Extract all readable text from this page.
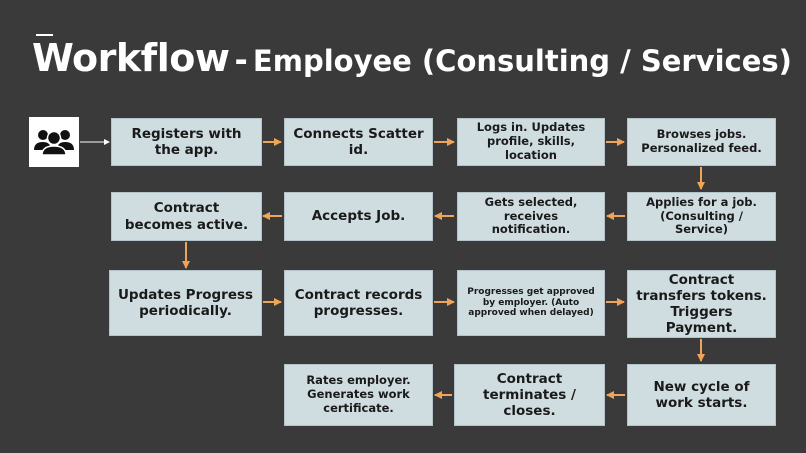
Workflow - Employee (Consulting / Services)
Registers with the app.
Connects Scatter id.
Logs in. Updates profile, skills, location
Browses jobs. Personalized feed.
Contract becomes active.
Accepts Job.
Gets selected, receives notification.
Applies for a job. (Consulting / Service)
Updates Progress periodically.
Contract records progresses.
Progresses get approved by employer. (Auto approved when delayed)
Contract transfers tokens. Triggers Payment.
Rates employer. Generates work certificate.
Contract terminates / closes.
New cycle of work starts.
